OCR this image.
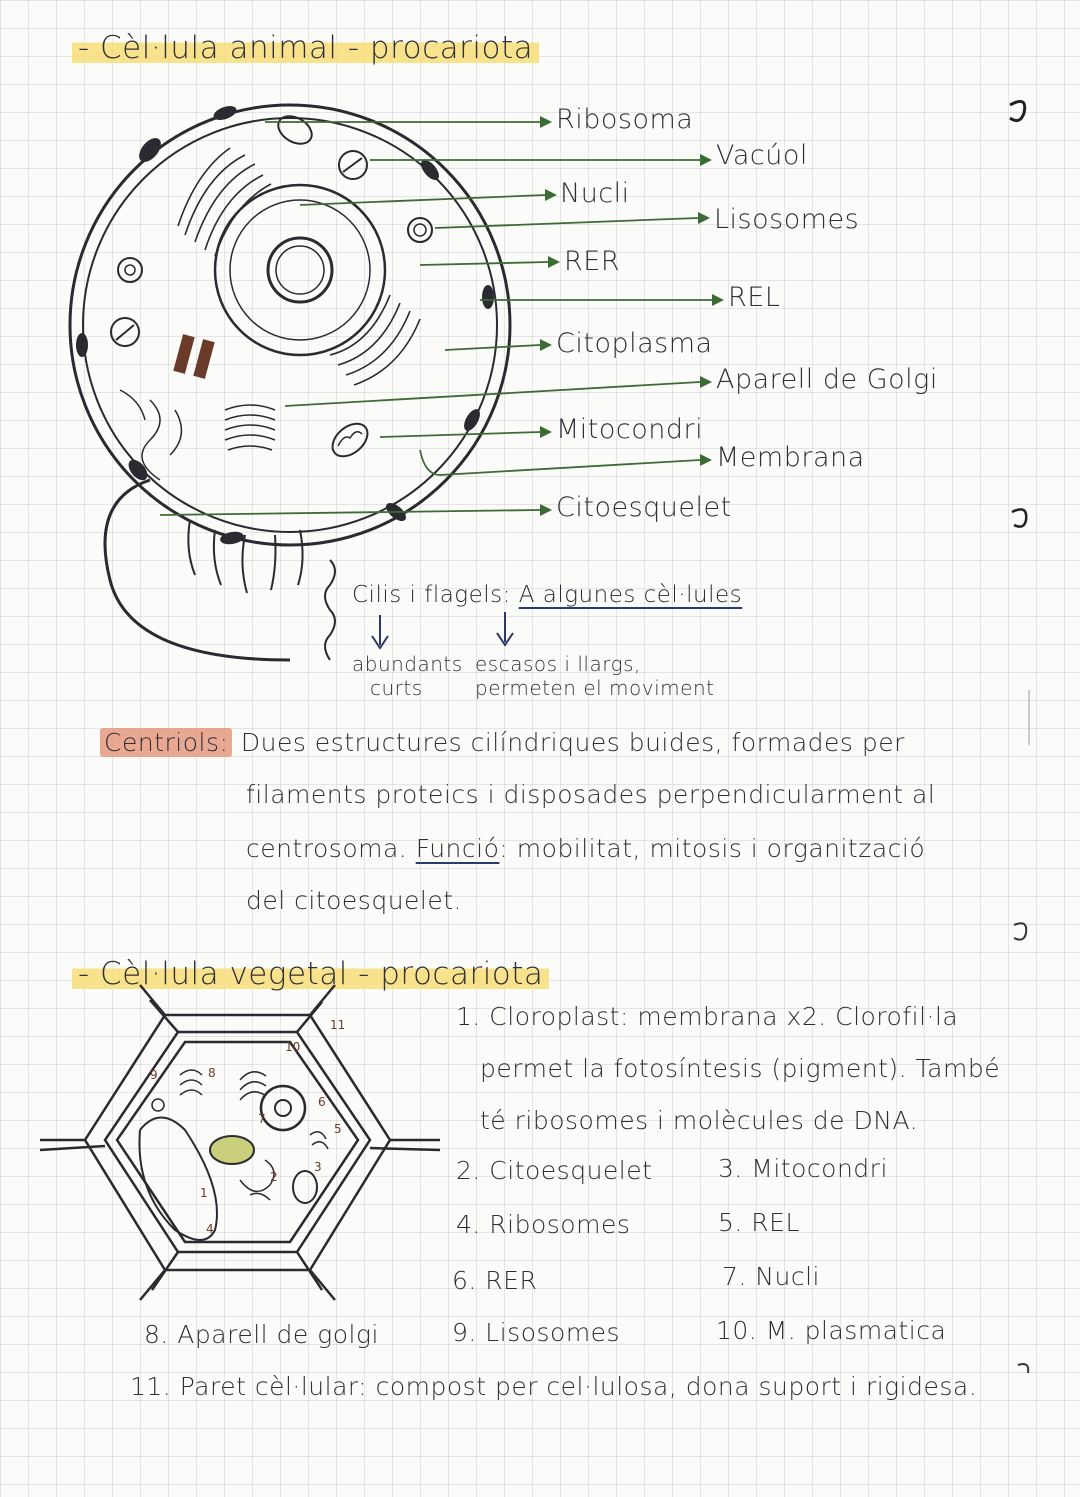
- Cèl·lula animal - procariota
Ribosoma
Vacúol
Nucli
Lisosomes
RER
REL
Citoplasma
Aparell de Golgi
Mitocondri
Membrana
Citoesquelet
Cilis i flagels: A algunes cèl·lules
abundants
curts
escasos i llargs,
permeten el moviment
Centriols: Dues estructures cilíndriques buides, formades per
filaments proteics i disposades perpendicularment al
centrosoma. Funció: mobilitat, mitosis i organització
del citoesquelet.
- Cèl·lula vegetal - procariota
11
10
9	8
7
6
5
4
3
2
1
1. Cloroplast: membrana x2. Clorofil·la
permet la fotosíntesis (pigment). També
té ribosomes i molècules de DNA.
2. Citoesquelet	3. Mitocondri
4. Ribosomes	5. REL
6. RER	7. Nucli
8. Aparell de golgi	9. Lisosomes	10. M. plasmatica
11. Paret cèl·lular: compost per cel·lulosa, dona suport i rigidesa.
